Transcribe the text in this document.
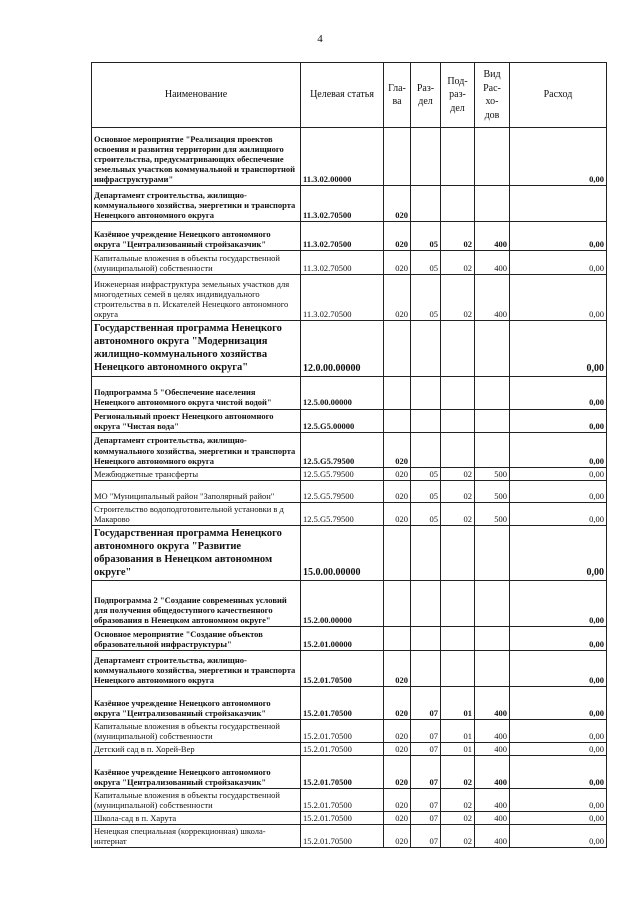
4
Наименование	Целевая статья	Гла- ва	Раз- дел	Под- раз- дел	Вид Рас- хо- дов	Расход
Основное мероприятие "Реализация проектов освоения и развития территории для жилищного строительства, предусматривающих обеспечение земельных участков коммунальной и транспортной инфраструктурами"	11.3.02.00000					0,00
Департамент строительства, жилищно-коммунального хозяйства, энергетики и транспорта Ненецкого автономного округа	11.3.02.70500	020				
Казённое учреждение Ненецкого автономного округа "Централизованный стройзаказчик"	11.3.02.70500	020	05	02	400	0,00
Капитальные вложения в объекты государственной (муниципальной) собственности	11.3.02.70500	020	05	02	400	0,00
Инженерная инфраструктура земельных участков для многодетных семей в целях индивидуального строительства в п. Искателей Ненецкого автономного округа	11.3.02.70500	020	05	02	400	0,00
Государственная программа Ненецкого автономного округа "Модернизация жилищно-коммунального хозяйства Ненецкого автономного округа"	12.0.00.00000					0,00
Подпрограмма 5 "Обеспечение населения Ненецкого автономного округа чистой водой"	12.5.00.00000					0,00
Региональный проект Ненецкого автономного округа "Чистая вода"	12.5.G5.00000					0,00
Департамент строительства, жилищно-коммунального хозяйства, энергетики и транспорта Ненецкого автономного округа	12.5.G5.79500	020				0,00
Межбюджетные трансферты	12.5.G5.79500	020	05	02	500	0,00
МО "Муниципальный район "Заполярный район"	12.5.G5.79500	020	05	02	500	0,00
Строительство водоподготовительной установки в д Макарово	12.5.G5.79500	020	05	02	500	0,00
Государственная программа Ненецкого автономного округа "Развитие образования в Ненецком автономном округе"	15.0.00.00000					0,00
Подпрограмма 2 "Создание современных условий для получения общедоступного качественного образования в Ненецком автономном округе"	15.2.00.00000					0,00
Основное мероприятие "Создание объектов образовательной инфраструктуры"	15.2.01.00000					0,00
Департамент строительства, жилищно-коммунального хозяйства, энергетики и транспорта Ненецкого автономного округа	15.2.01.70500	020				0,00
Казённое учреждение Ненецкого автономного округа "Централизованный стройзаказчик"	15.2.01.70500	020	07	01	400	0,00
Капитальные вложения в объекты государственной (муниципальной) собственности	15.2.01.70500	020	07	01	400	0,00
Детский сад в п. Хорей-Вер	15.2.01.70500	020	07	01	400	0,00
Казённое учреждение Ненецкого автономного округа "Централизованный стройзаказчик"	15.2.01.70500	020	07	02	400	0,00
Капитальные вложения в объекты государственной (муниципальной) собственности	15.2.01.70500	020	07	02	400	0,00
Школа-сад в п. Харута	15.2.01.70500	020	07	02	400	0,00
Ненецкая специальная (коррекционная) школа-интернат	15.2.01.70500	020	07	02	400	0,00
